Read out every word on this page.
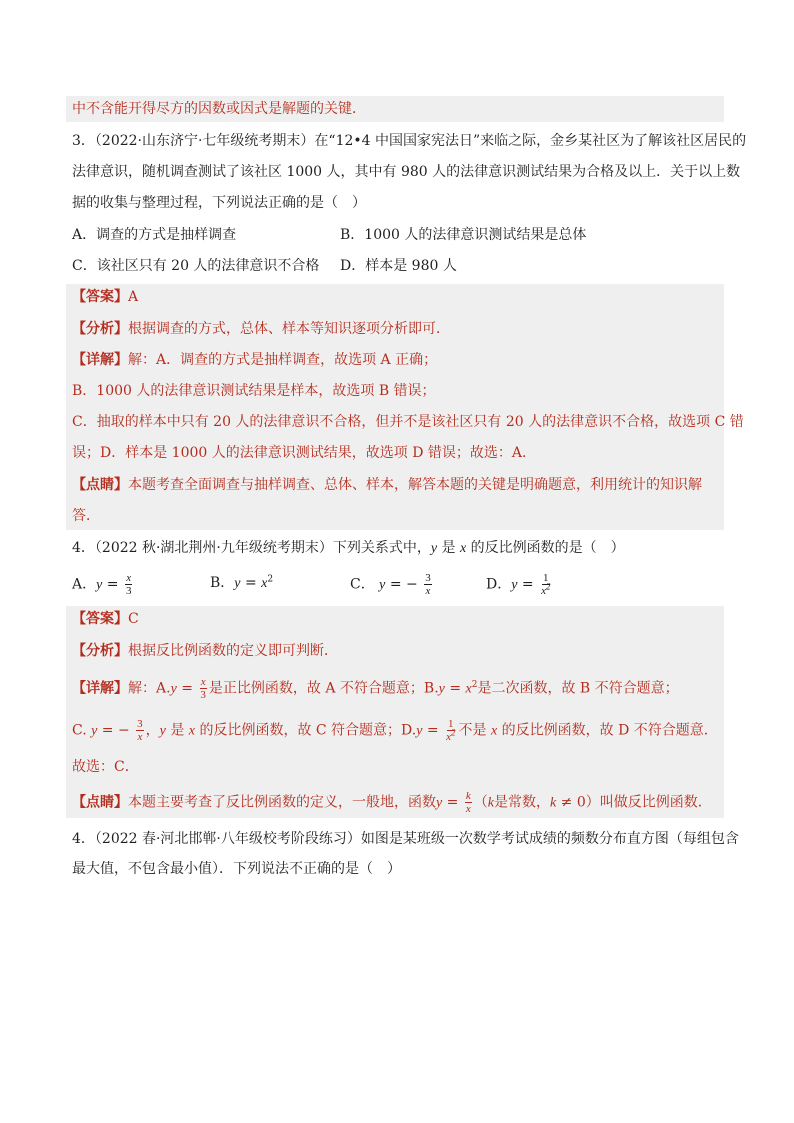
中不含能开得尽方的因数或因式是解题的关键．
3．（2022·山东济宁·七年级统考期末）在“12•4 中国国家宪法日”来临之际，金乡某社区为了解该社区居民的
法律意识，随机调查测试了该社区 1000 人，其中有 980 人的法律意识测试结果为合格及以上．关于以上数
据的收集与整理过程，下列说法正确的是（　）
A．调查的方式是抽样调查	B．1000 人的法律意识测试结果是总体
C．该社区只有 20 人的法律意识不合格 D．样本是 980 人
【答案】A
【分析】根据调查的方式，总体、样本等知识逐项分析即可．
【详解】解：A．调查的方式是抽样调查，故选项 A 正确；
B．1000 人的法律意识测试结果是样本，故选项 B 错误；
C．抽取的样本中只有 20 人的法律意识不合格，但并不是该社区只有 20 人的法律意识不合格，故选项 C 错
误；D．样本是 1000 人的法律意识测试结果，故选项 D 错误；故选：A．
【点睛】本题考查全面调查与抽样调查、总体、样本，解答本题的关键是明确题意，利用统计的知识解
答．
4．（2022 秋·湖北荆州·九年级统考期末）下列关系式中，y 是 x 的反比例函数的是（　）
A．$y = \frac{x}{3}$	B．$y = x^2$	C． y = − $\frac{3}{x}$	D．$y = \frac{1}{x^2}$
【答案】C
【分析】根据反比例函数的定义即可判断．
【详解】解：$A.y = \frac{x}{3}$ 是正比例函数，故 A 不符合题意；$B.y = x^2$是二次函数，故 B 不符合题意；
C. y = − $\frac{3}{x}$ ，y 是 x 的反比例函数，故 C 符合题意；$D.y = \frac{1}{x^2}$ 不是 x 的反比例函数，故 D 不符合题意．
故选：C．
【点睛】本题主要考查了反比例函数的定义，一般地，函数$y = \frac{k}{x} (k$是常数，k ≠ 0）叫做反比例函数．
4．（2022 春·河北邯郸·八年级校考阶段练习）如图是某班级一次数学考试成绩的频数分布直方图（每组包含
最大值，不包含最小值）．下列说法不正确的是（　）
